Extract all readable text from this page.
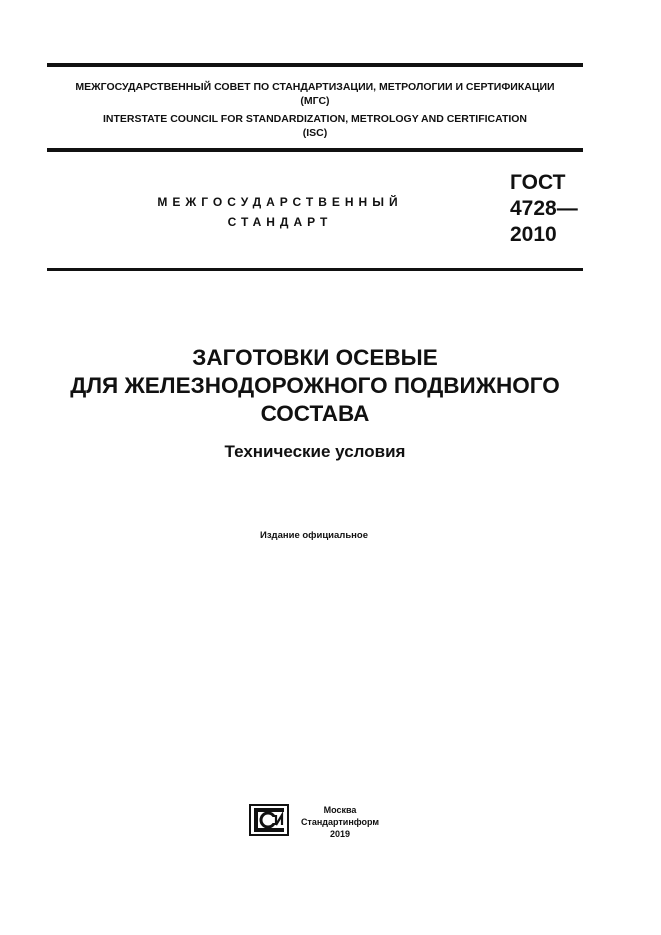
МЕЖГОСУДАРСТВЕННЫЙ СОВЕТ ПО СТАНДАРТИЗАЦИИ, МЕТРОЛОГИИ И СЕРТИФИКАЦИИ
(МГС)
INTERSTATE COUNCIL FOR STANDARDIZATION, METROLOGY AND CERTIFICATION
(ISC)
МЕЖГОСУДАРСТВЕННЫЙ
СТАНДАРТ
ГОСТ
4728—
2010
ЗАГОТОВКИ ОСЕВЫЕ
ДЛЯ ЖЕЛЕЗНОДОРОЖНОГО ПОДВИЖНОГО
СОСТАВА
Технические условия
Издание официальное
Москва
Стандартинформ
2019
